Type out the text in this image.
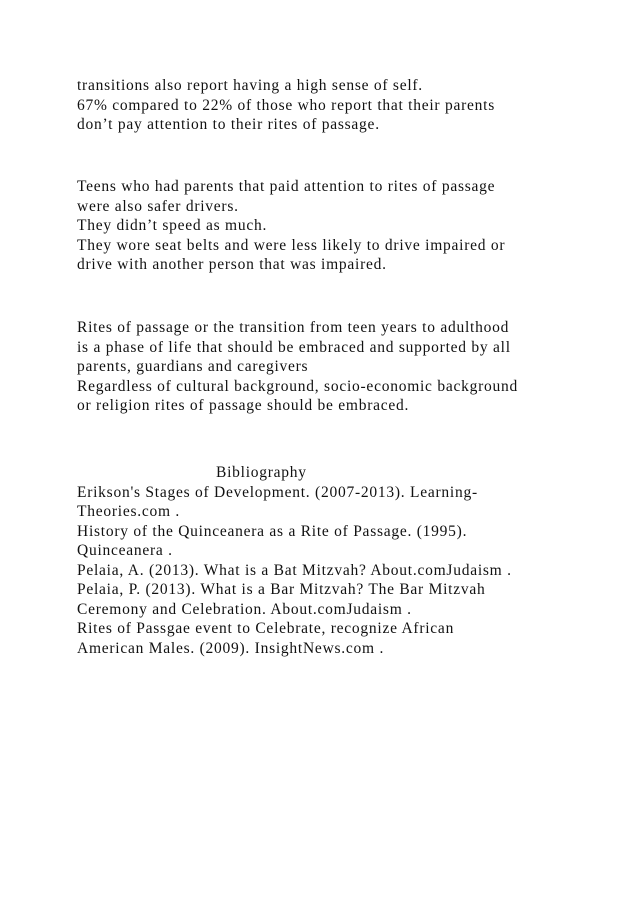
transitions also report having a high sense of self.
67% compared to 22% of those who report that their parents
don’t pay attention to their rites of passage.
Teens who had parents that paid attention to rites of passage
were also safer drivers.
They didn’t speed as much.
They wore seat belts and were less likely to drive impaired or
drive with another person that was impaired.
Rites of passage or the transition from teen years to adulthood
is a phase of life that should be embraced and supported by all
parents, guardians and caregivers
Regardless of cultural background, socio-economic background
or religion rites of passage should be embraced.
Bibliography
Erikson's Stages of Development. (2007-2013). Learning-
Theories.com .
History of the Quinceanera as a Rite of Passage. (1995).
Quinceanera .
Pelaia, A. (2013). What is a Bat Mitzvah? About.comJudaism .
Pelaia, P. (2013). What is a Bar Mitzvah? The Bar Mitzvah
Ceremony and Celebration. About.comJudaism .
Rites of Passgae event to Celebrate, recognize African
American Males. (2009). InsightNews.com .
